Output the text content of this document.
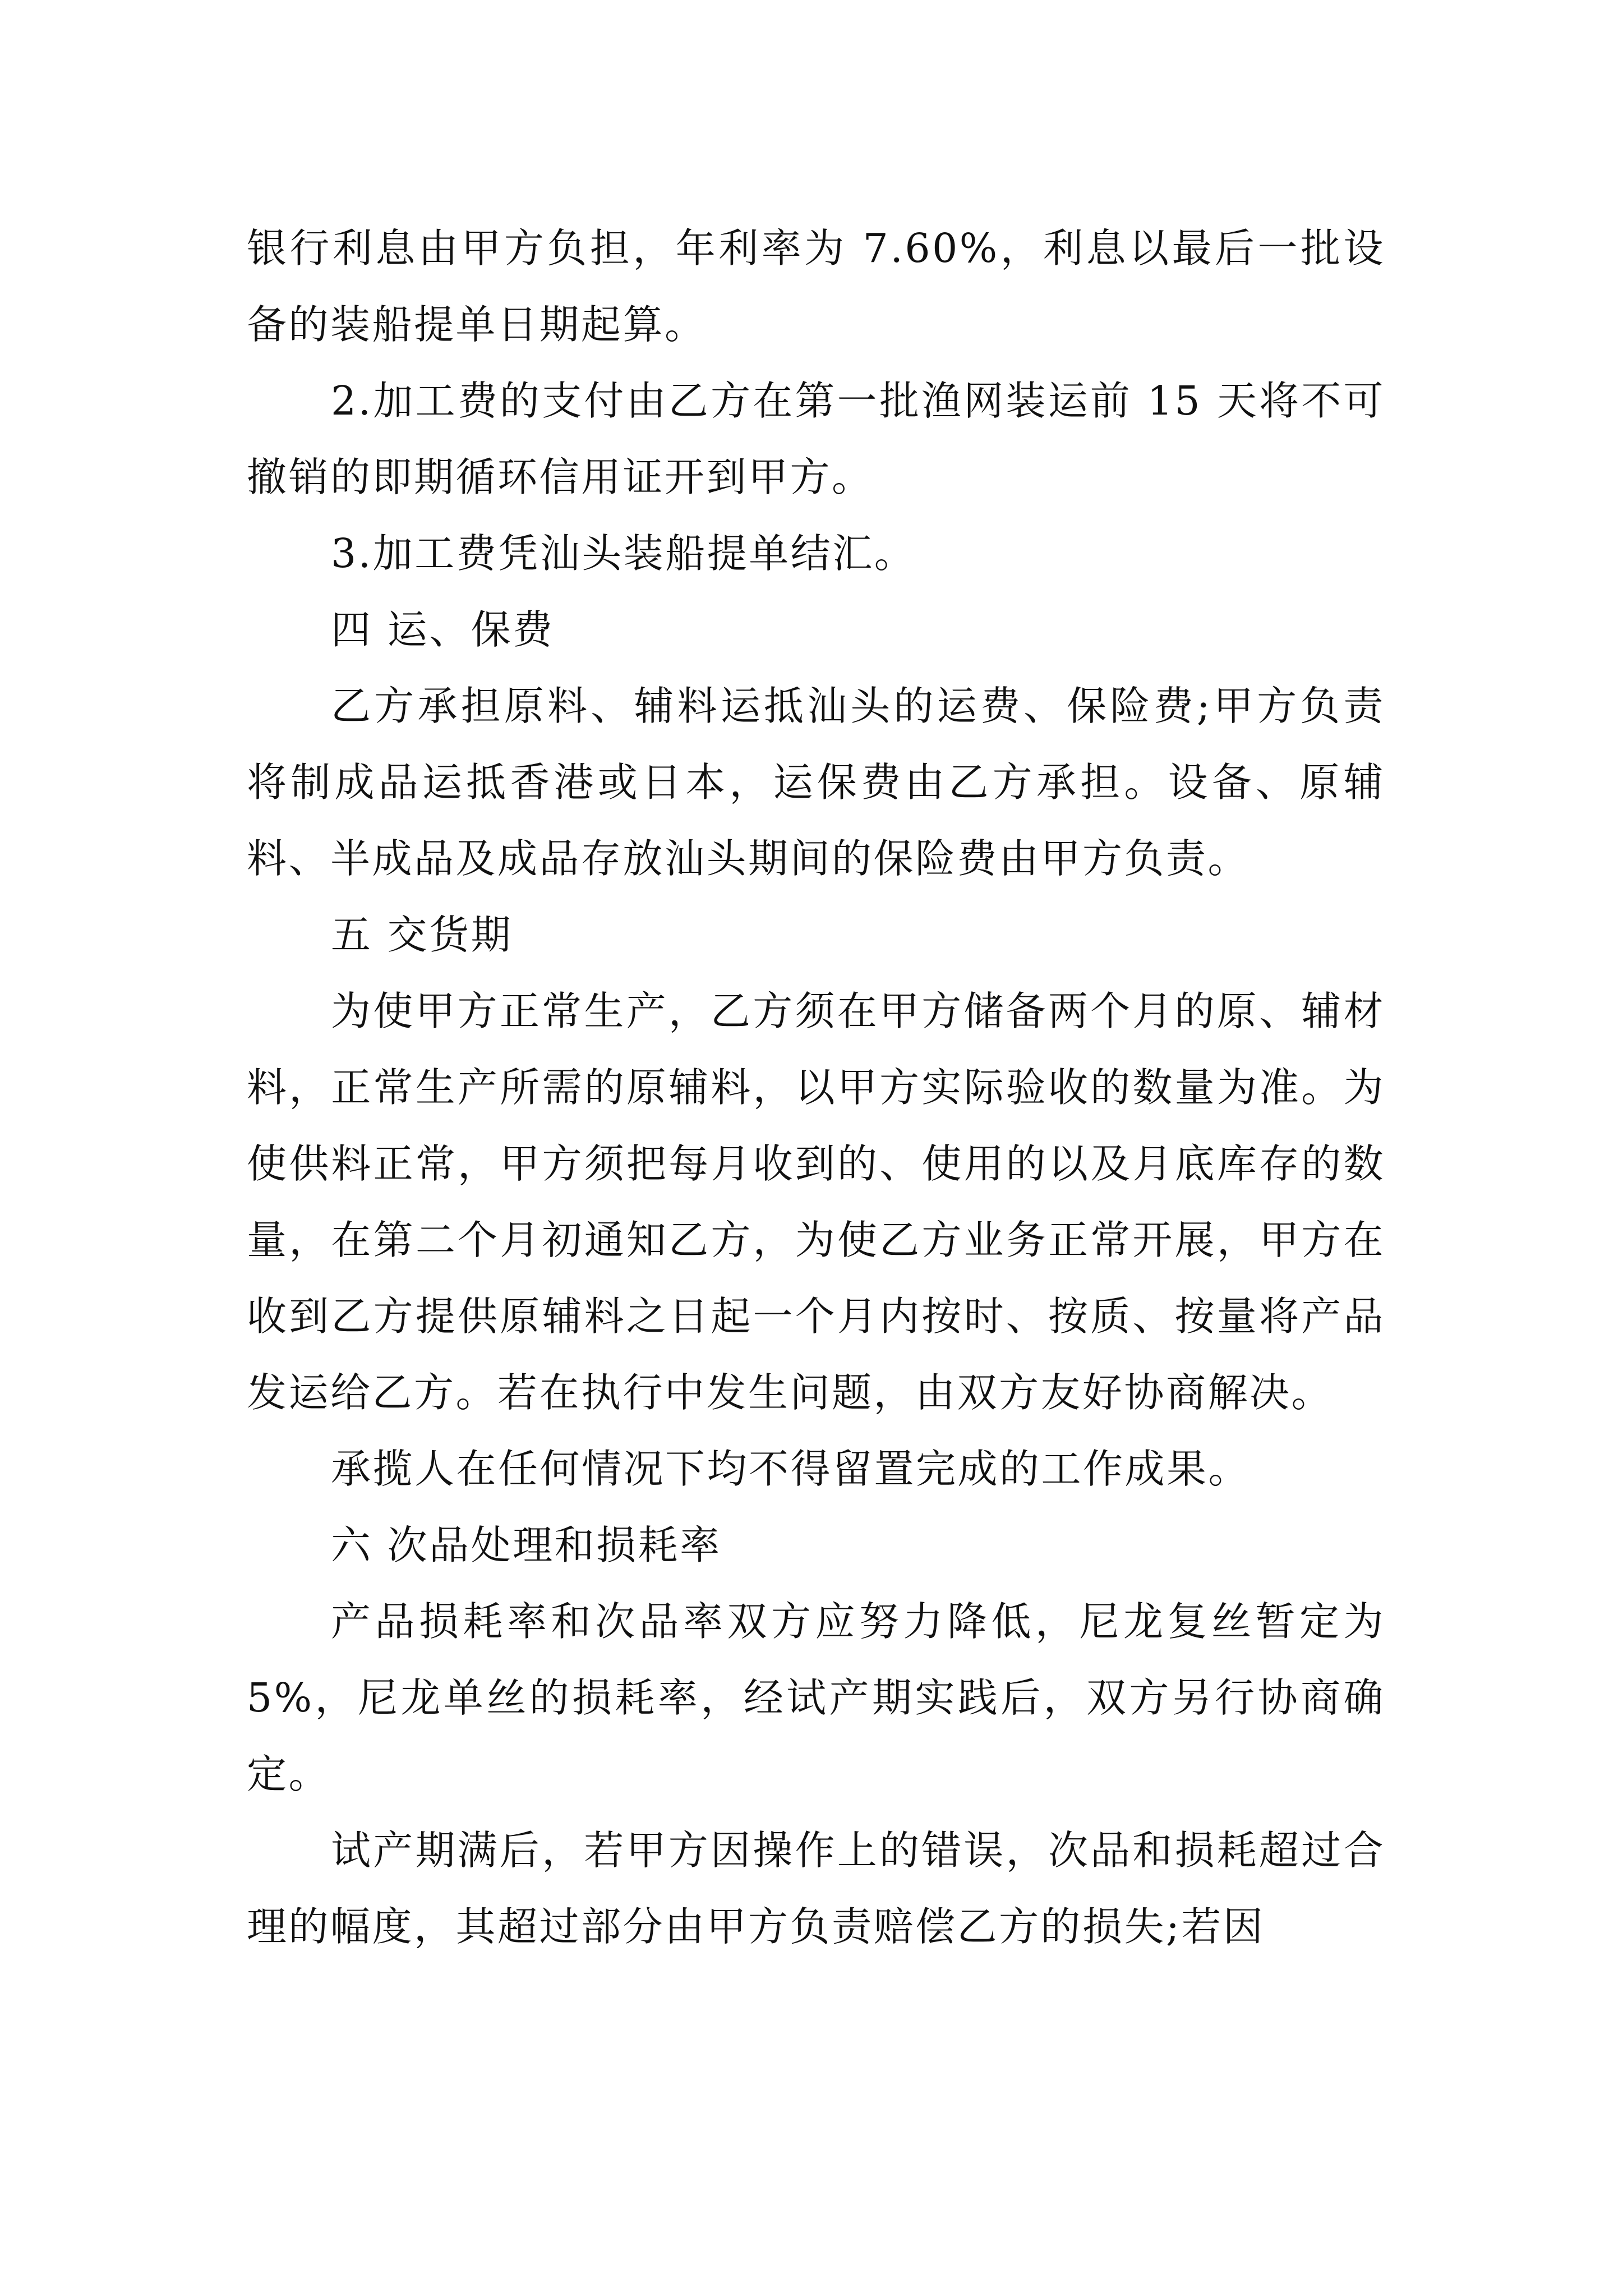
银行利息由甲方负担，年利率为 7.60%，利息以最后一批设备的装船提单日期起算。

2.加工费的支付由乙方在第一批渔网装运前 15 天将不可撤销的即期循环信用证开到甲方。

3.加工费凭汕头装船提单结汇。

四 运、保费

乙方承担原料、辅料运抵汕头的运费、保险费;甲方负责将制成品运抵香港或日本，运保费由乙方承担。设备、原辅料、半成品及成品存放汕头期间的保险费由甲方负责。

五 交货期

为使甲方正常生产，乙方须在甲方储备两个月的原、辅材料，正常生产所需的原辅料，以甲方实际验收的数量为准。为使供料正常，甲方须把每月收到的、使用的以及月底库存的数量，在第二个月初通知乙方，为使乙方业务正常开展，甲方在收到乙方提供原辅料之日起一个月内按时、按质、按量将产品发运给乙方。若在执行中发生问题，由双方友好协商解决。

承揽人在任何情况下均不得留置完成的工作成果。

六 次品处理和损耗率

产品损耗率和次品率双方应努力降低，尼龙复丝暂定为 5%，尼龙单丝的损耗率，经试产期实践后，双方另行协商确定。

试产期满后，若甲方因操作上的错误，次品和损耗超过合理的幅度，其超过部分由甲方负责赔偿乙方的损失;若因
